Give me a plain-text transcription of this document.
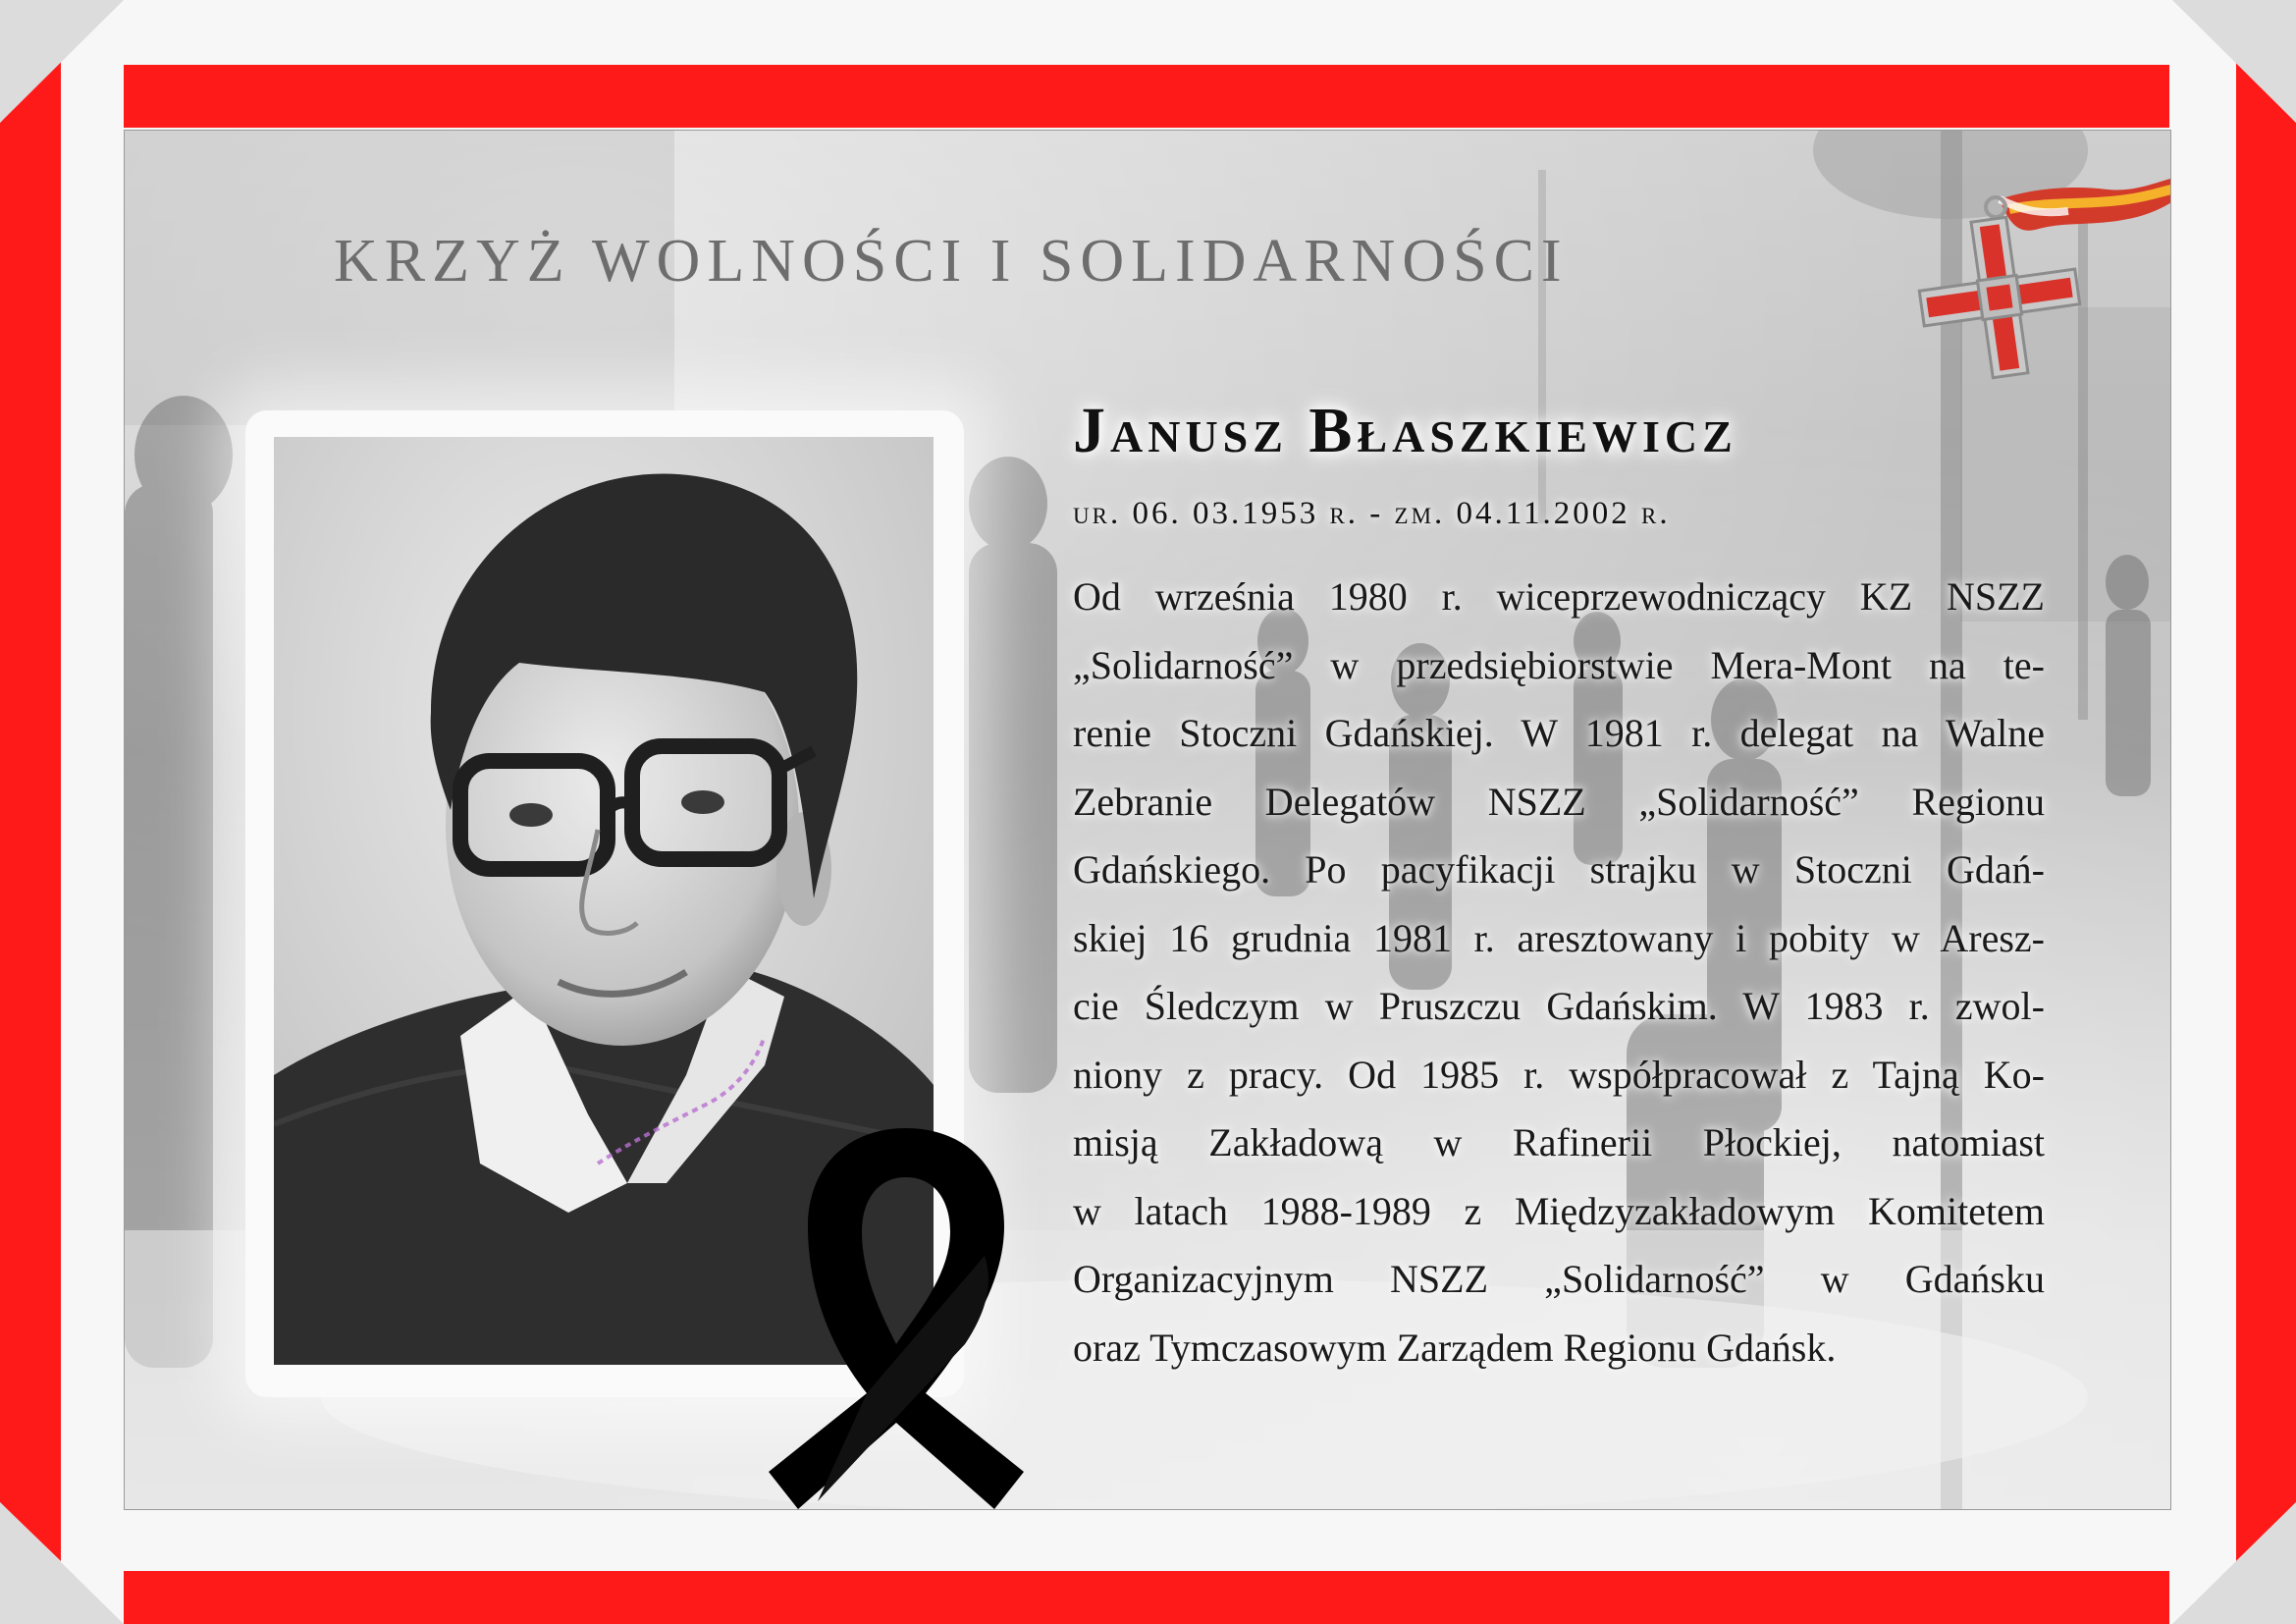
KRZYŻ WOLNOŚCI I SOLIDARNOŚCI
Janusz Błaszkiewicz
ur. 06. 03.1953 r. - zm. 04.11.2002 r.
Od września 1980 r. wiceprzewodniczący KZ NSZZ
„Solidarność” w przedsiębiorstwie Mera-Mont na te-
renie Stoczni Gdańskiej. W 1981 r. delegat na Walne
Zebranie Delegatów NSZZ „Solidarność” Regionu
Gdańskiego. Po pacyfikacji strajku w Stoczni Gdań-
skiej 16 grudnia 1981 r. aresztowany i pobity w Aresz-
cie Śledczym w Pruszczu Gdańskim. W 1983 r. zwol-
niony z pracy. Od 1985 r. współpracował z Tajną Ko-
misją Zakładową w Rafinerii Płockiej, natomiast
w latach 1988-1989 z Międzyzakładowym Komitetem
Organizacyjnym NSZZ „Solidarność” w Gdańsku
oraz Tymczasowym Zarządem Regionu Gdańsk.
